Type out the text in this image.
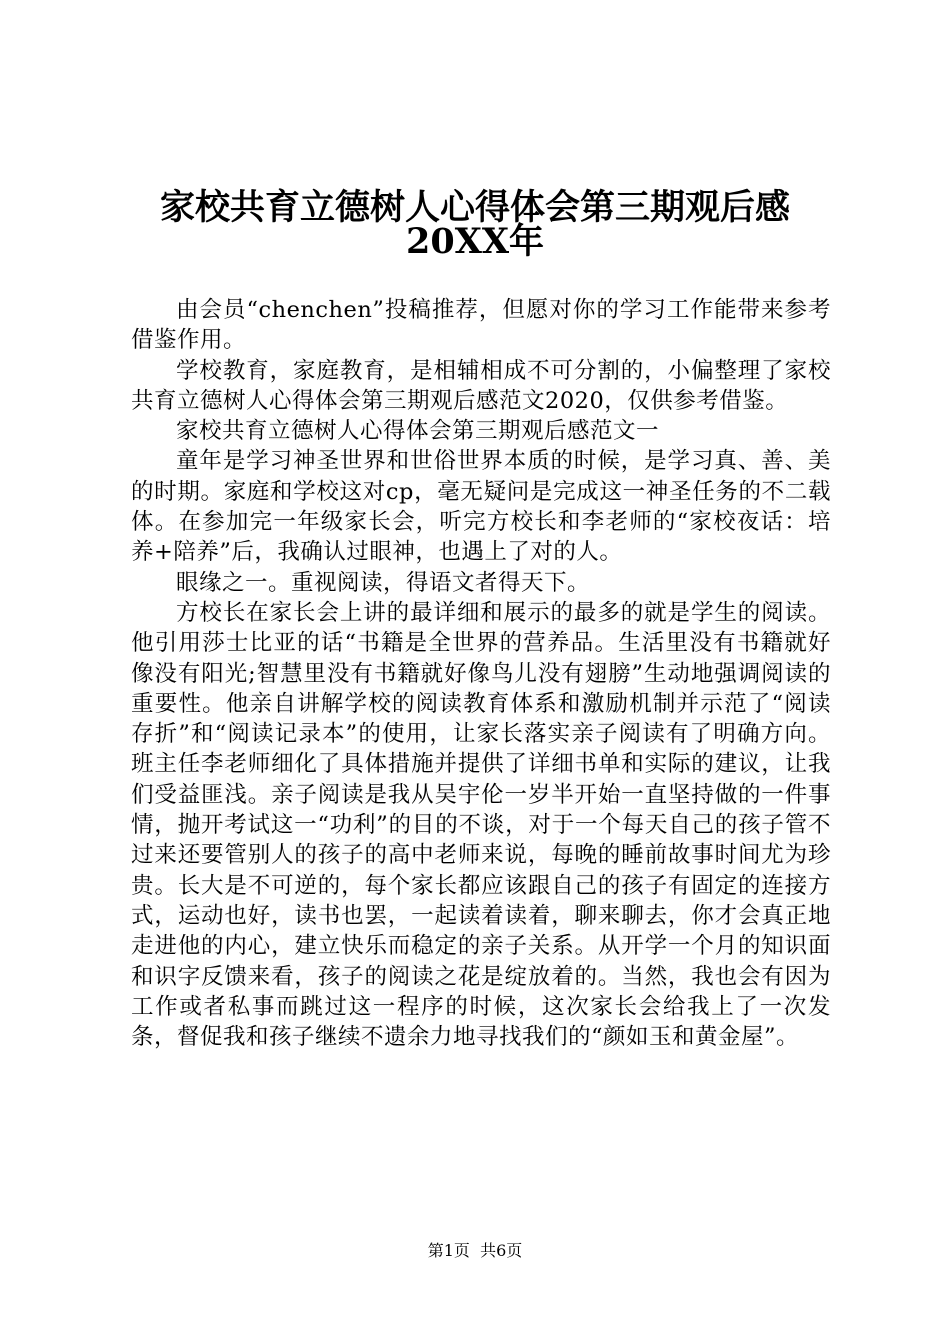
家校共育立德树人心得体会第三期观后感
20XX年

由会员“chenchen”投稿推荐，但愿对你的学习工作能带来参考借鉴作用。

学校教育，家庭教育，是相辅相成不可分割的，小偏整理了家校共育立德树人心得体会第三期观后感范文2020，仅供参考借鉴。

家校共育立德树人心得体会第三期观后感范文一

童年是学习神圣世界和世俗世界本质的时候，是学习真、善、美的时期。家庭和学校这对cp，毫无疑问是完成这一神圣任务的不二载体。在参加完一年级家长会，听完方校长和李老师的“家校夜话：培养+陪养”后，我确认过眼神，也遇上了对的人。

眼缘之一。重视阅读，得语文者得天下。

方校长在家长会上讲的最详细和展示的最多的就是学生的阅读。他引用莎士比亚的话“书籍是全世界的营养品。生活里没有书籍就好像没有阳光;智慧里没有书籍就好像鸟儿没有翅膀”生动地强调阅读的重要性。他亲自讲解学校的阅读教育体系和激励机制并示范了“阅读存折”和“阅读记录本”的使用，让家长落实亲子阅读有了明确方向。班主任李老师细化了具体措施并提供了详细书单和实际的建议，让我们受益匪浅。亲子阅读是我从吴宇伦一岁半开始一直坚持做的一件事情，抛开考试这一“功利”的目的不谈，对于一个每天自己的孩子管不过来还要管别人的孩子的高中老师来说，每晚的睡前故事时间尤为珍贵。长大是不可逆的，每个家长都应该跟自己的孩子有固定的连接方式，运动也好，读书也罢，一起读着读着，聊来聊去，你才会真正地走进他的内心，建立快乐而稳定的亲子关系。从开学一个月的知识面和识字反馈来看，孩子的阅读之花是绽放着的。当然，我也会有因为工作或者私事而跳过这一程序的时候，这次家长会给我上了一次发条，督促我和孩子继续不遗余力地寻找我们的“颜如玉和黄金屋”。

第1页 共6页
